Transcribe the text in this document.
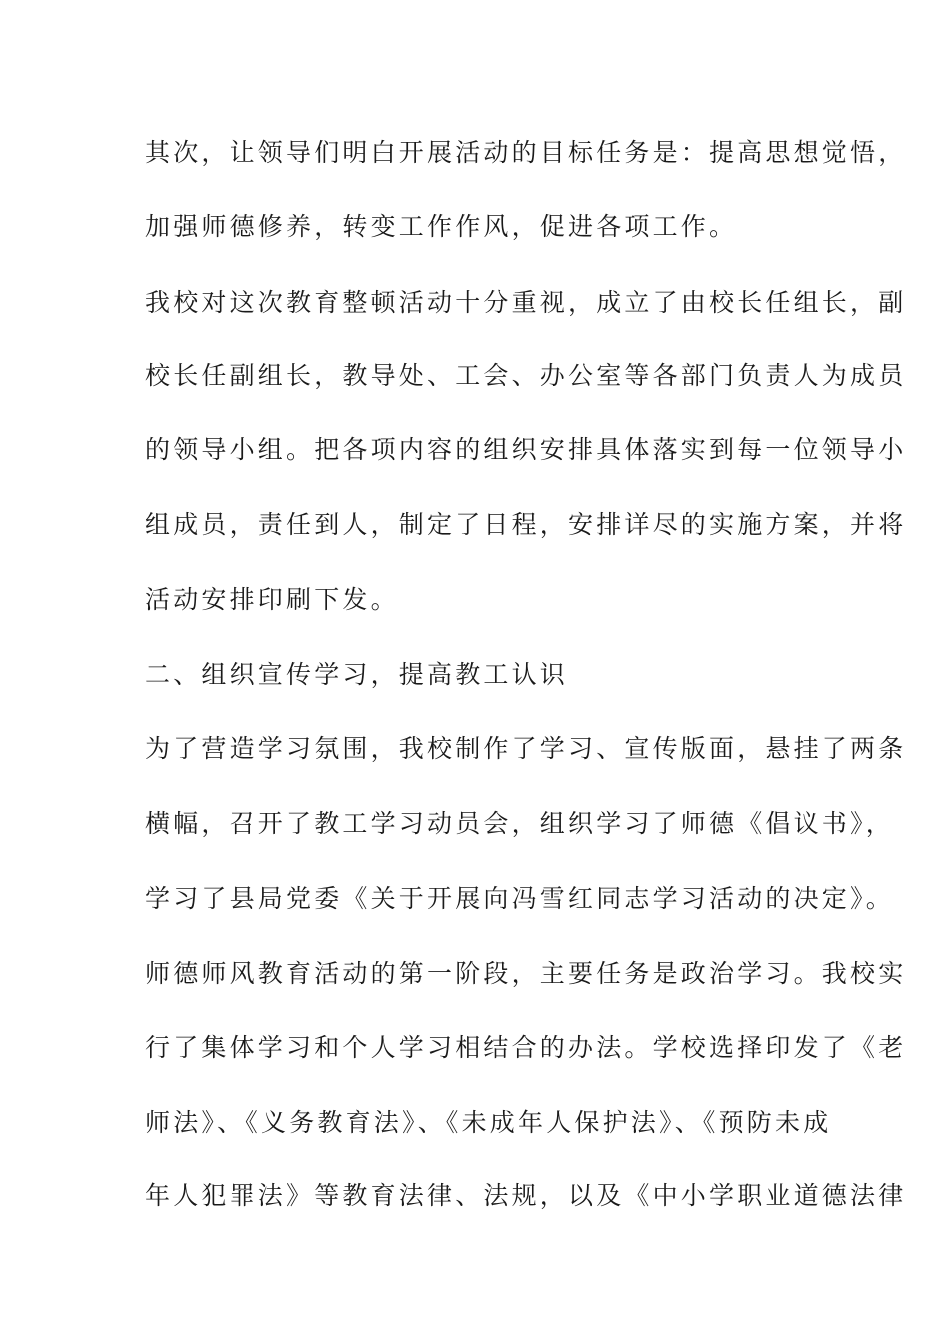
其次，让领导们明白开展活动的目标任务是：提高思想觉悟，
加强师德修养，转变工作作风，促进各项工作。
我校对这次教育整顿活动十分重视，成立了由校长任组长，副
校长任副组长，教导处、工会、办公室等各部门负责人为成员
的领导小组。把各项内容的组织安排具体落实到每一位领导小
组成员，责任到人，制定了日程，安排详尽的实施方案，并将
活动安排印刷下发。
二、组织宣传学习，提高教工认识
为了营造学习氛围，我校制作了学习、宣传版面，悬挂了两条
横幅，召开了教工学习动员会，组织学习了师德《倡议书》，
学习了县局党委《关于开展向冯雪红同志学习活动的决定》。
师德师风教育活动的第一阶段，主要任务是政治学习。我校实
行了集体学习和个人学习相结合的办法。学校选择印发了《老
师法》、《义务教育法》、《未成年人保护法》、《预防未成
年人犯罪法》等教育法律、法规，以及《中小学职业道德法律
